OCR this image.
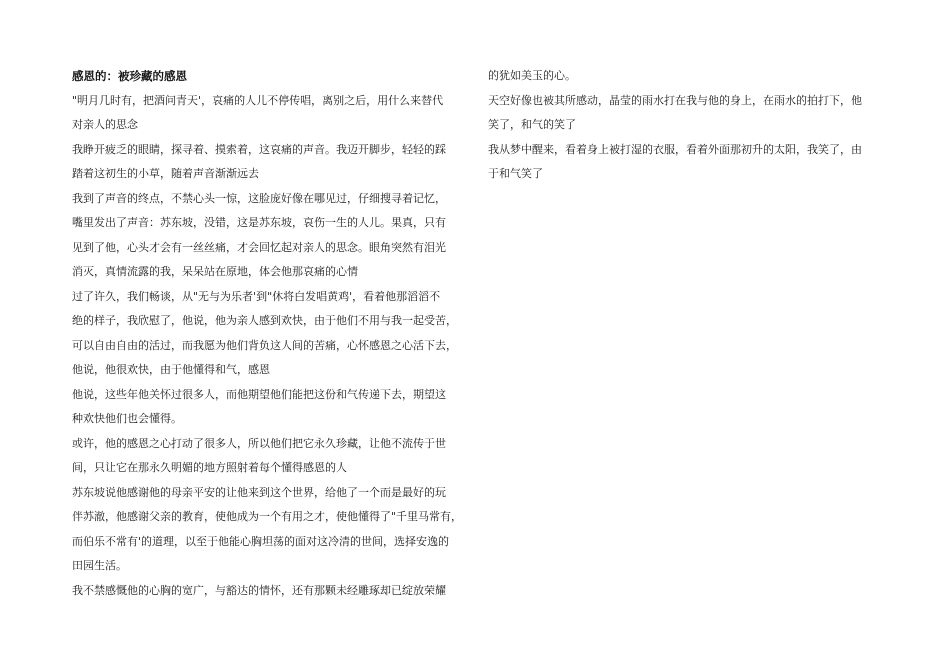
感恩的：被珍藏的感恩
"明月几时有，把酒问青天'，哀痛的人儿不停传唱，离别之后，用什么来替代
对亲人的思念
我睁开疲乏的眼睛，探寻着、摸索着，这哀痛的声音。我迈开脚步，轻轻的踩
踏着这初生的小草，随着声音渐渐远去
我到了声音的终点，不禁心头一惊，这脸庞好像在哪见过，仔细搜寻着记忆，
嘴里发出了声音：苏东坡，没错，这是苏东坡，哀伤一生的人儿。果真，只有
见到了他，心头才会有一丝丝痛，才会回忆起对亲人的思念。眼角突然有泪光
消灭，真情流露的我，呆呆站在原地，体会他那哀痛的心情
过了许久，我们畅谈，从"无与为乐者'到"休将白发唱黄鸡'，看着他那滔滔不
绝的样子，我欣慰了，他说，他为亲人感到欢快，由于他们不用与我一起受苦，
可以自由自由的活过，而我愿为他们背负这人间的苦痛，心怀感恩之心活下去，
他说，他很欢快，由于他懂得和气，感恩
他说，这些年他关怀过很多人，而他期望他们能把这份和气传递下去，期望这
种欢快他们也会懂得。
或许，他的感恩之心打动了很多人，所以他们把它永久珍藏，让他不流传于世
间，只让它在那永久明媚的地方照射着每个懂得感恩的人
苏东坡说他感谢他的母亲平安的让他来到这个世界，给他了一个而是最好的玩
伴苏澈，他感谢父亲的教育，使他成为一个有用之才，使他懂得了"千里马常有，
而伯乐不常有'的道理，以至于他能心胸坦荡的面对这冷清的世间，选择安逸的
田园生活。
我不禁感慨他的心胸的宽广，与豁达的情怀，还有那颗未经雕琢却已绽放荣耀
的犹如美玉的心。
天空好像也被其所感动，晶莹的雨水打在我与他的身上，在雨水的拍打下，他
笑了，和气的笑了
我从梦中醒来，看着身上被打湿的衣服，看着外面那初升的太阳，我笑了，由
于和气笑了
